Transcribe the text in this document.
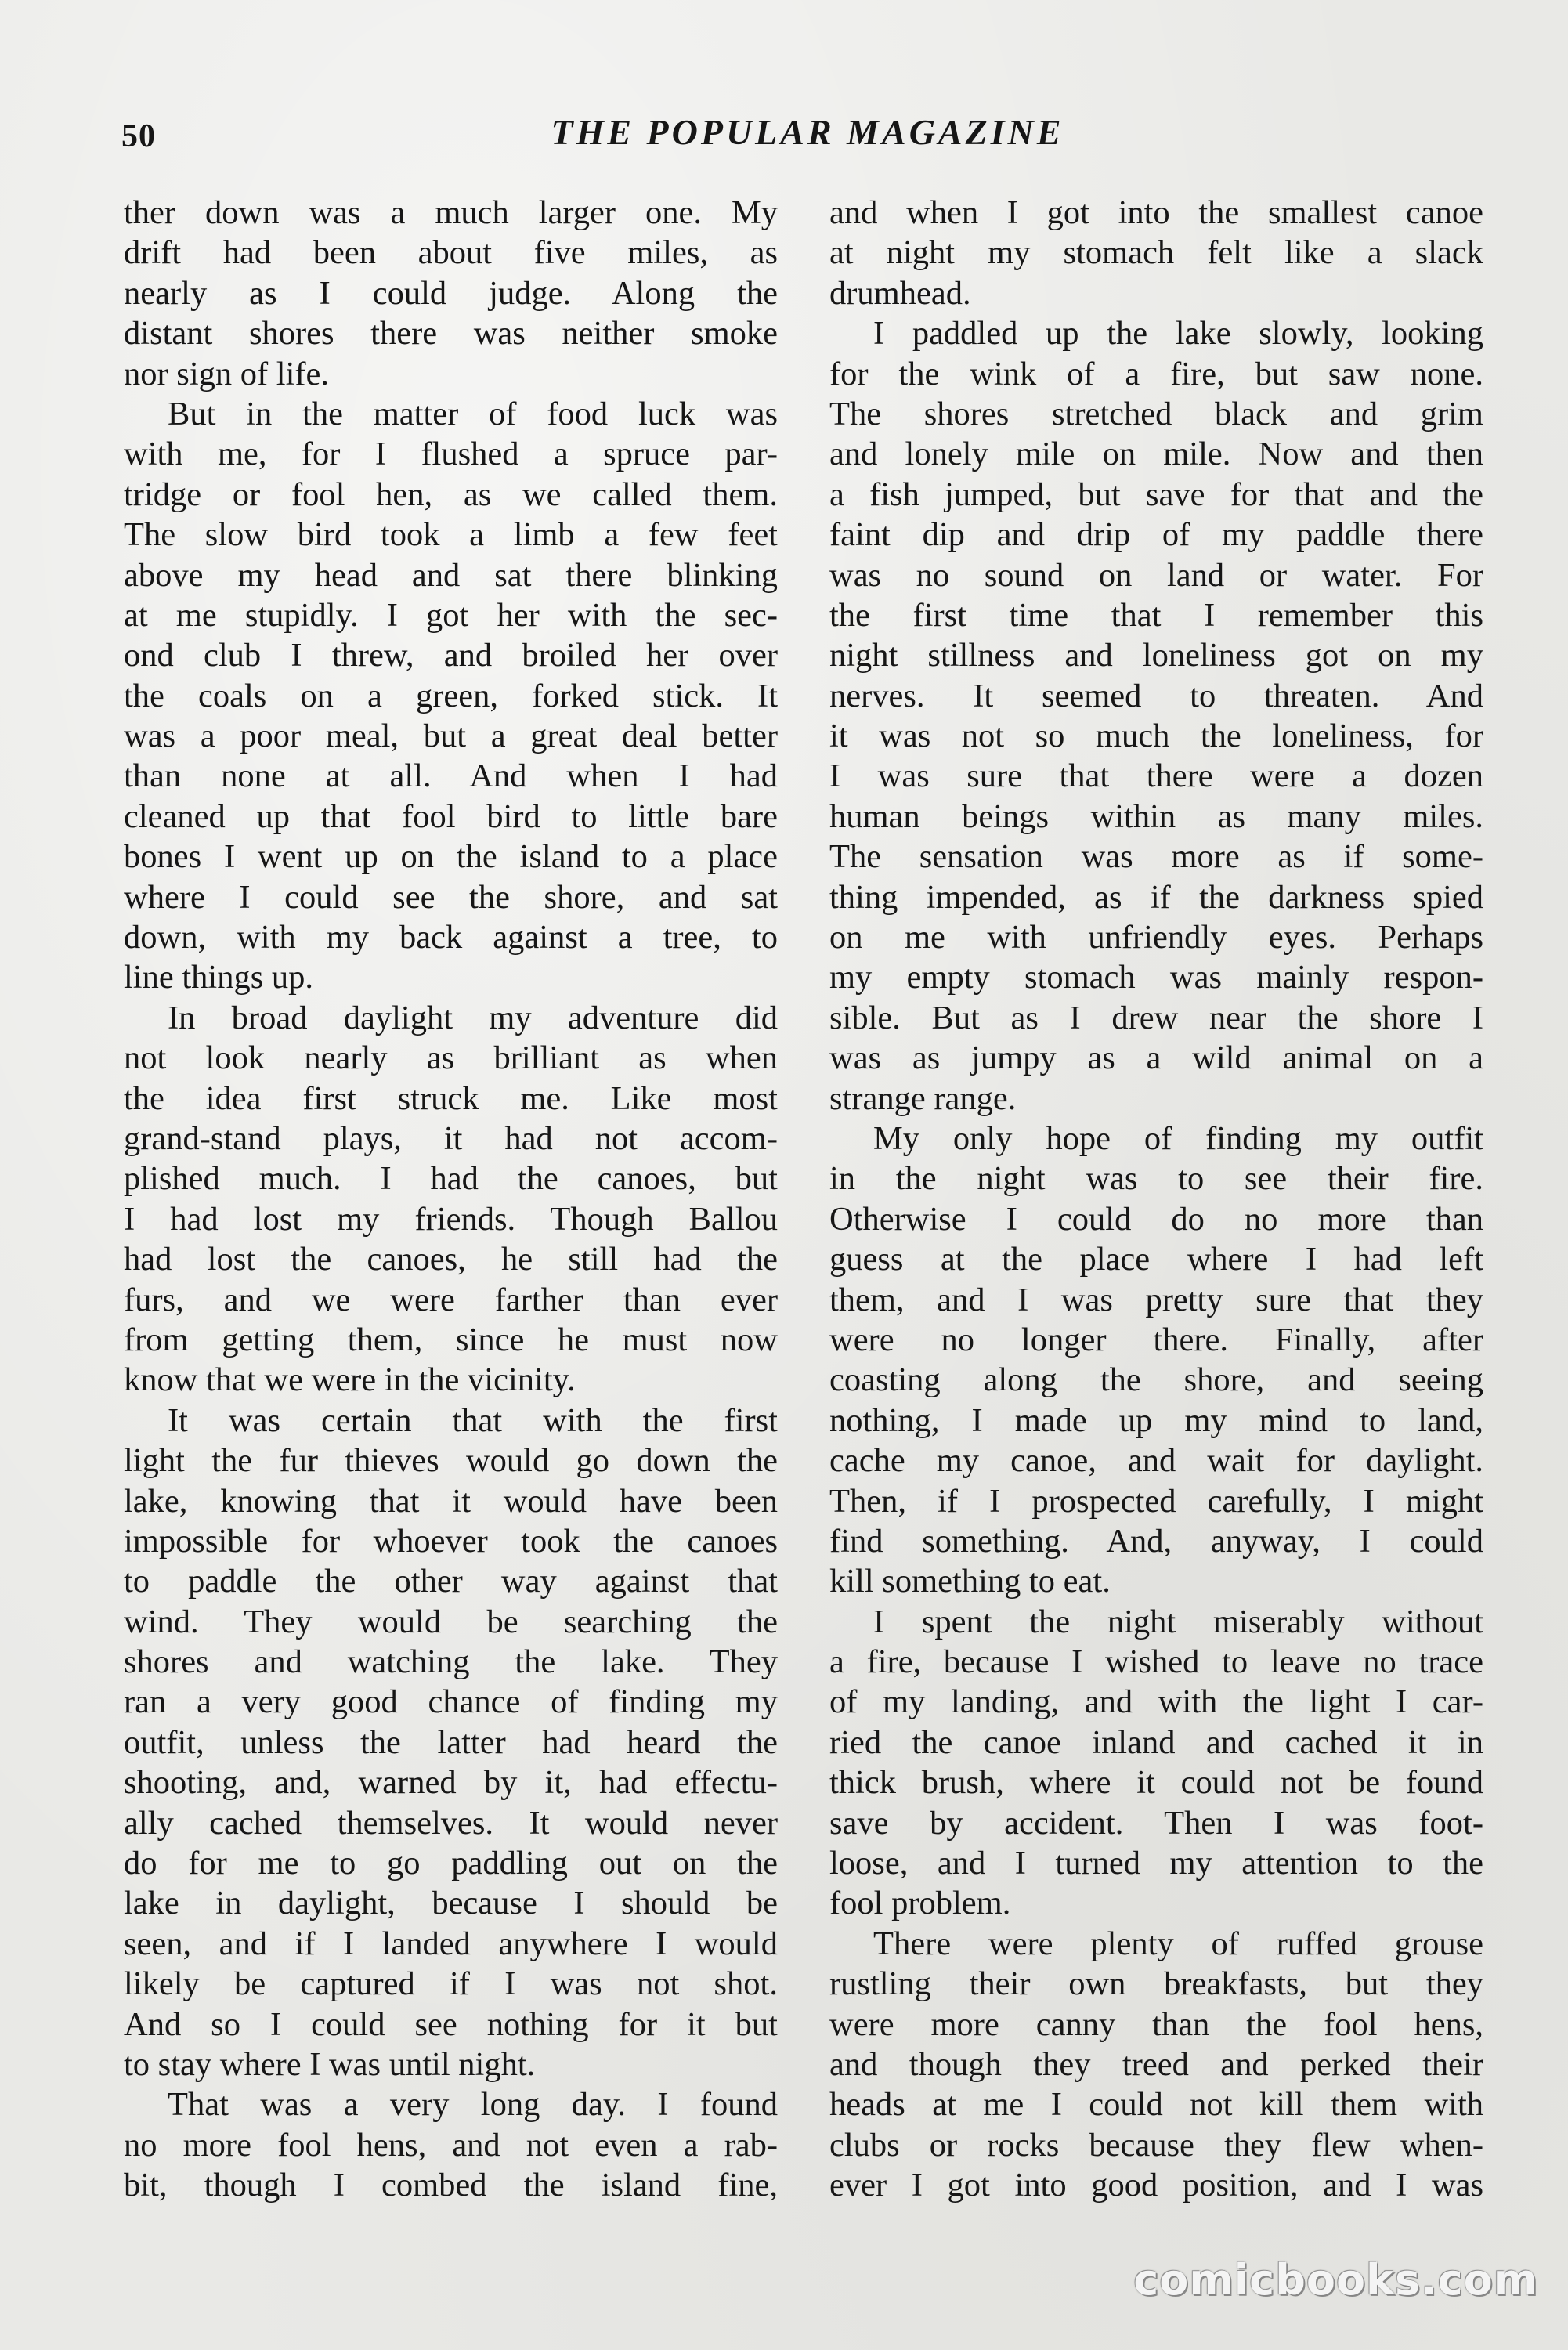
50	THE POPULAR MAGAZINE
ther down was a much larger one. My
drift had been about five miles, as
nearly as I could judge. Along the
distant shores there was neither smoke
nor sign of life.
But in the matter of food luck was
with me, for I flushed a spruce par-
tridge or fool hen, as we called them.
The slow bird took a limb a few feet
above my head and sat there blinking
at me stupidly. I got her with the sec-
ond club I threw, and broiled her over
the coals on a green, forked stick. It
was a poor meal, but a great deal better
than none at all. And when I had
cleaned up that fool bird to little bare
bones I went up on the island to a place
where I could see the shore, and sat
down, with my back against a tree, to
line things up.
In broad daylight my adventure did
not look nearly as brilliant as when
the idea first struck me. Like most
grand-stand plays, it had not accom-
plished much. I had the canoes, but
I had lost my friends. Though Ballou
had lost the canoes, he still had the
furs, and we were farther than ever
from getting them, since he must now
know that we were in the vicinity.
It was certain that with the first
light the fur thieves would go down the
lake, knowing that it would have been
impossible for whoever took the canoes
to paddle the other way against that
wind. They would be searching the
shores and watching the lake. They
ran a very good chance of finding my
outfit, unless the latter had heard the
shooting, and, warned by it, had effectu-
ally cached themselves. It would never
do for me to go paddling out on the
lake in daylight, because I should be
seen, and if I landed anywhere I would
likely be captured if I was not shot.
And so I could see nothing for it but
to stay where I was until night.
That was a very long day. I found
no more fool hens, and not even a rab-
bit, though I combed the island fine,
and when I got into the smallest canoe
at night my stomach felt like a slack
drumhead.
I paddled up the lake slowly, looking
for the wink of a fire, but saw none.
The shores stretched black and grim
and lonely mile on mile. Now and then
a fish jumped, but save for that and the
faint dip and drip of my paddle there
was no sound on land or water. For
the first time that I remember this
night stillness and loneliness got on my
nerves. It seemed to threaten. And
it was not so much the loneliness, for
I was sure that there were a dozen
human beings within as many miles.
The sensation was more as if some-
thing impended, as if the darkness spied
on me with unfriendly eyes. Perhaps
my empty stomach was mainly respon-
sible. But as I drew near the shore I
was as jumpy as a wild animal on a
strange range.
My only hope of finding my outfit
in the night was to see their fire.
Otherwise I could do no more than
guess at the place where I had left
them, and I was pretty sure that they
were no longer there. Finally, after
coasting along the shore, and seeing
nothing, I made up my mind to land,
cache my canoe, and wait for daylight.
Then, if I prospected carefully, I might
find something. And, anyway, I could
kill something to eat.
I spent the night miserably without
a fire, because I wished to leave no trace
of my landing, and with the light I car-
ried the canoe inland and cached it in
thick brush, where it could not be found
save by accident. Then I was foot-
loose, and I turned my attention to the
fool problem.
There were plenty of ruffed grouse
rustling their own breakfasts, but they
were more canny than the fool hens,
and though they treed and perked their
heads at me I could not kill them with
clubs or rocks because they flew when-
ever I got into good position, and I was
comicbooks.com
